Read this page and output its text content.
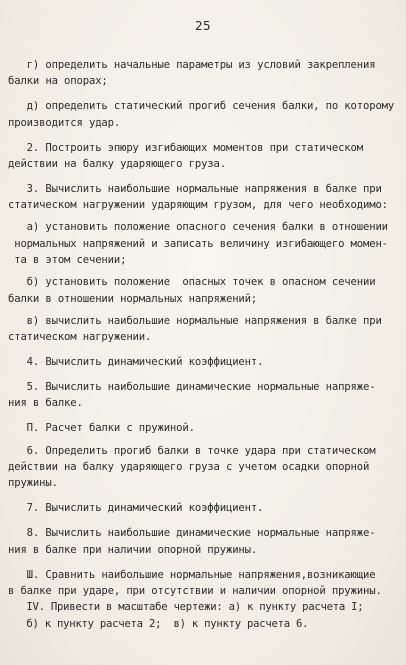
25
г) определить начальные параметры из условий закрепления
балки на опорах;
д) определить статический прогиб сечения балки, по которому
производится удар.
2. Построить эпюру изгибающих моментов при статическом
действии на балку ударяющего груза.
3. Вычислить наибольшие нормальные напряжения в балке при
статическом нагружении ударяющим грузом, для чего необходимо:
а) установить положение опасного сечения балки в отношении
нормальных напряжений и записать величину изгибающего момен-
та в этом сечении;
б) установить положение  опасных точек в опасном сечении
балки в отношении нормальных напряжений;
в) вычислить наибольшие нормальные напряжения в балке при
статическом нагружении.
4. Вычислить динамический коэффициент.
5. Вычислить наибольшие динамические нормальные напряже-
ния в балке.
П. Расчет балки с пружиной.
6. Определить прогиб балки в точке удара при статическом
действии на балку ударяющего груза с учетом осадки опорной
пружины.
7. Вычислить динамический коэффициент.
8. Вычислить наибольшие динамические нормальные напряже-
ния в балке при наличии опорной пружины.
Ш. Сравнить наибольшие нормальные напряжения,возникающие
в балке при ударе, при отсутствии и наличии опорной пружины.
IV. Привести в масштабе чертежи: а) к пункту расчета I;
б) к пункту расчета 2;  в) к пункту расчета 6.
